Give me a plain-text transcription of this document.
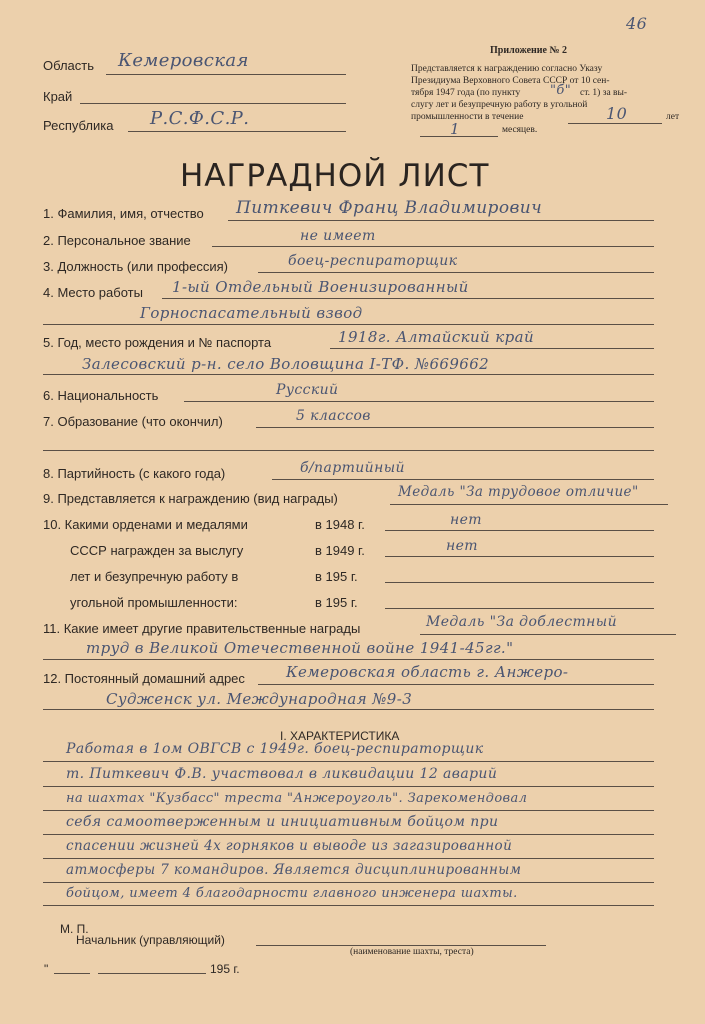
46
Область Кемеровская
Край
Республика Р.С.Ф.С.Р.
Приложение № 2
Представляется к награждению согласно Указу
Президиума Верховного Совета СССР от 10 сен-
тября 1947 года (по пункту "б" ст. 1) за вы-
слугу лет и безупречную работу в угольной
промышленности в течение	10	лет
1	месяцев.
НАГРАДНОЙ ЛИСТ
1. Фамилия, имя, отчество Питкевич Франц Владимирович
2. Персональное звание	не имеет
3. Должность (или профессия)	боец-респираторщик
4. Место работы 1-ый Отдельный Военизированный
Горноспасательный взвод
5. Год, место рождения и № паспорта	1918г. Алтайский край
Залесовский р-н. село Воловщина I-ТФ. №669662
6. Национальность	Русский
7. Образование (что окончил)	5 классов
8. Партийность (с какого года)	б/партийный
9. Представляется к награждению (вид награды)	Медаль "За трудовое отличие"
10. Какими орденами и медалями
СССР награжден за выслугу
лет и безупречную работу в
угольной промышленности:
в 1948 г.	нет
в 1949 г.	нет
в 195 г.
в 195 г.
11. Какие имеет другие правительственные награды	Медаль "За доблестный
труд в Великой Отечественной войне 1941-45гг."
12. Постоянный домашний адрес	Кемеровская область г. Анжеро-
Судженск ул. Международная №9-3
I. ХАРАКТЕРИСТИКА
Работая в 1ом ОВГСВ с 1949г. боец-респираторщик
т. Питкевич Ф.В. участвовал в ликвидации 12 аварий
на шахтах "Кузбасс" треста "Анжероуголь". Зарекомендовал
себя самоотверженным и инициативным бойцом при
спасении жизней 4х горняков и выводе из загазированной
атмосферы 7 командиров. Является дисциплинированным
бойцом, имеет 4 благодарности главного инженера шахты.
М. П.
Начальник (управляющий)
(наименование шахты, треста)
"	195 г.
